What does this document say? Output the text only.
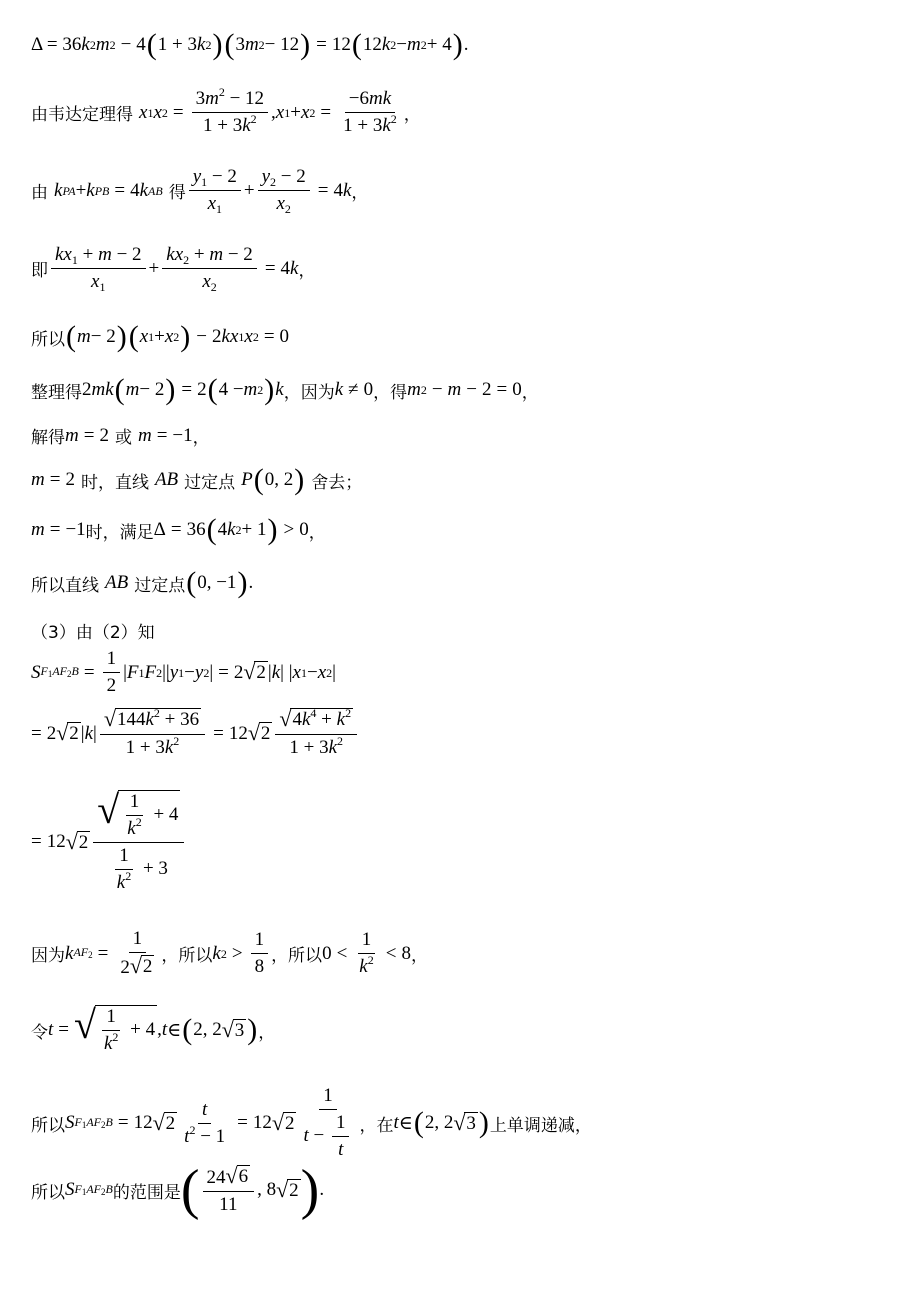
Δ = 36 k 2 m 2 − 4 ( 1 + 3 k 2 ) ( 3 m 2 − 12 ) = 12 ( 12 k 2 − m 2 + 4 ) .
由韦达定理得 x 1 x $2 = \frac{3m^2 - 12}{1 + 3k^2}$ , x 1 + x $2 = \frac{-6mk}{1 + 3k^2}$ ，
由 k PA + k PB = 4 k AB 得 $\frac{y_1 - 2}{x_1} + \frac{y_2 - 2}{x_2} = 4$ k ，
即 $\frac{kx_1 + m - 2}{x_1} + \frac{kx_2 + m - 2}{x_2} = 4$ k ，
所以 ( m − 2 ) ( x 1 + x 2 ) − 2 kx 1 x 2 = 0
整理得 2 mk ( m − 2 ) = 2 ( 4 − m 2 ) k ，因为 k ≠ 0 ，得 m 2 − m − 2 = 0 ，
解得 m = 2 或 m = −1 ，
m = 2 时，直线 AB 过定点 P ( 0, 2 ) 舍去；
m = −1 时，满足 Δ = 36 ( 4 k 2 + 1 ) > 0 ，
所以直线 AB 过定点 ( 0, −1 ) .
（3）由（2）知
S $F_1AF_2B = \frac{1}{2}$ | F 1 F 2 || y 1 − y 2 | = 2 √ 2 | k | | x 1 − x 2 |
= 2 √ 2 | k | $\frac{√ 144k^2 + 36}{1 + 3k^2} = 12$ √ $2 \frac{√ 4k^4 + k^2}{1 + 3k^2}$
= 12 √ $2 \frac{√ \frac{1}{k^2} + 4}{\frac{1}{k^2} + 3}$
因为 k $AF_2 = \frac{1}{2 √ 2}$ ，所以 k $2 > \frac{1}{8}$ ，所以 $0 < \frac{1}{k^2} < 8$ ，
令 t = √ $\frac{1}{k^2} + 4$ , t ∈ ( 2, 2 √ 3 ) ，
所以 S $F_1AF_2B = 12$ √ $2 \frac{t}{t^2 - 1} = 12$ √ $2 \frac{1}{t - \frac{1}{t}}$ ，在 t ∈ ( 2, 2 √ 3 ) 上单调递减，
所以 S $F_1AF_2B$ 的范围是 ( $\frac{24 √ 6}{11}$ , 8 √ 2 ) .
